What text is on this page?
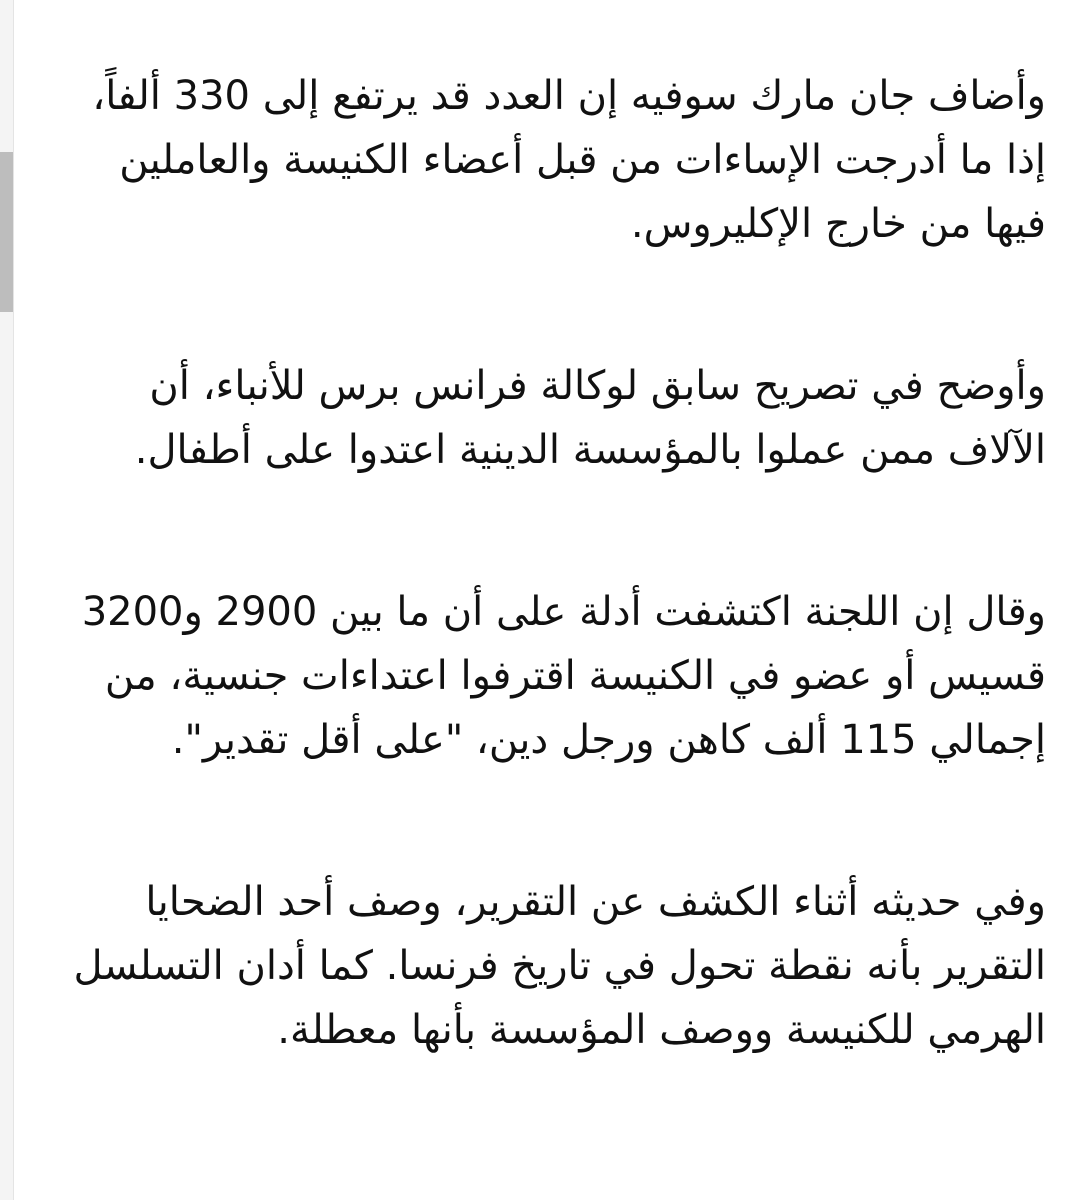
وأضاف جان مارك سوفيه إن العدد قد يرتفع إلى 330 ألفاً،
إذا ما أدرجت الإساءات من قبل أعضاء الكنيسة والعاملين
فيها من خارج الإكليروس.

وأوضح في تصريح سابق لوكالة فرانس برس للأنباء، أن
الآلاف ممن عملوا بالمؤسسة الدينية اعتدوا على أطفال.

وقال إن اللجنة اكتشفت أدلة على أن ما بين 2900 و3200
قسيس أو عضو في الكنيسة اقترفوا اعتداءات جنسية، من
إجمالي 115 ألف كاهن ورجل دين، "على أقل تقدير".

وفي حديثه أثناء الكشف عن التقرير، وصف أحد الضحايا
التقرير بأنه نقطة تحول في تاريخ فرنسا. كما أدان التسلسل
الهرمي للكنيسة ووصف المؤسسة بأنها معطلة.
